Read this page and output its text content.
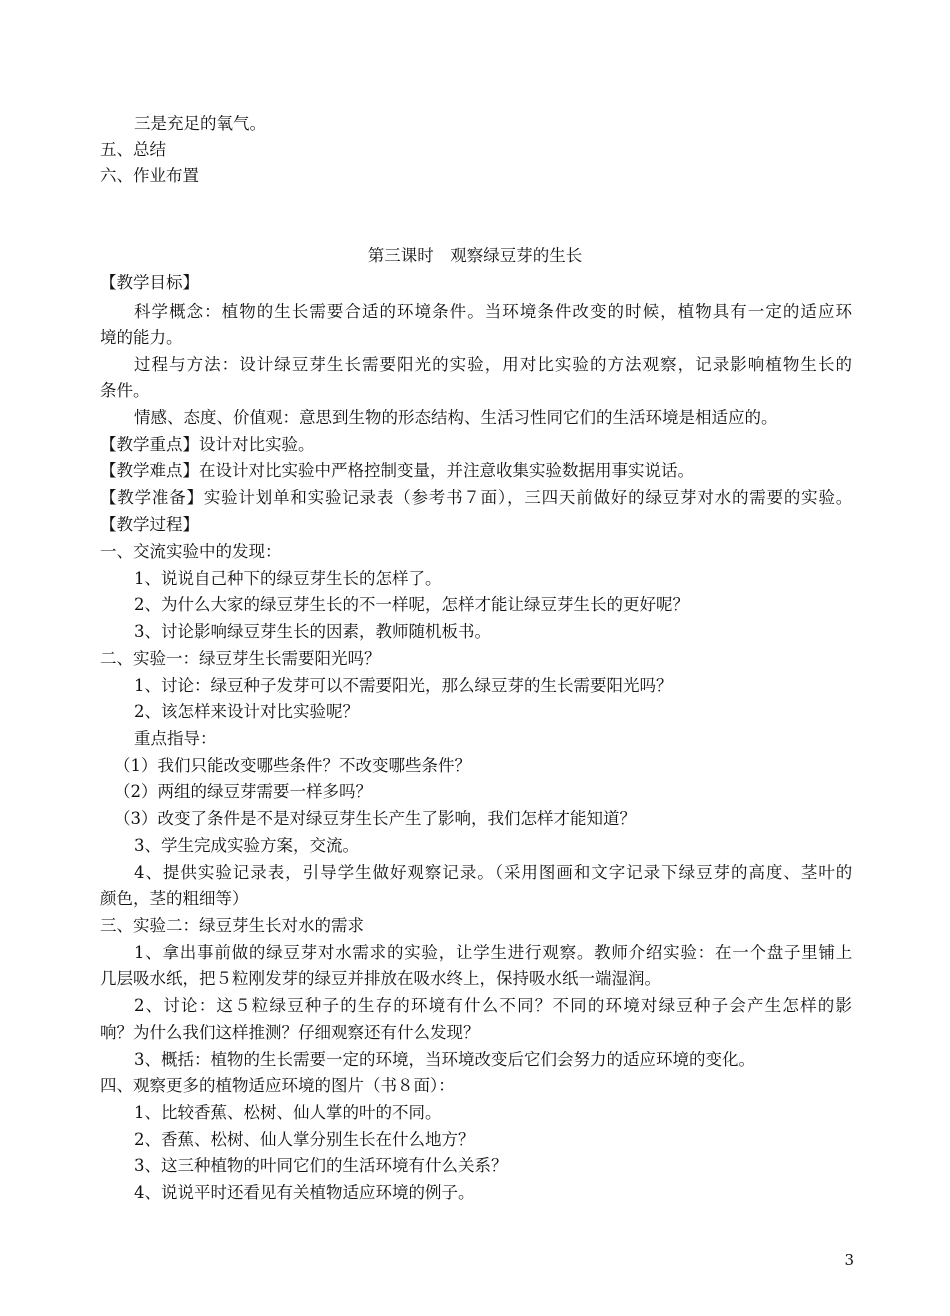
三是充足的氧气。
五、总结
六、作业布置
第三课时　观察绿豆芽的生长
【教学目标】
科学概念：植物的生长需要合适的环境条件。当环境条件改变的时候，植物具有一定的适应环
境的能力。
过程与方法：设计绿豆芽生长需要阳光的实验，用对比实验的方法观察，记录影响植物生长的
条件。
情感、态度、价值观：意思到生物的形态结构、生活习性同它们的生活环境是相适应的。
【教学重点】设计对比实验。
【教学难点】在设计对比实验中严格控制变量，并注意收集实验数据用事实说话。
【教学准备】实验计划单和实验记录表（参考书７面），三四天前做好的绿豆芽对水的需要的实验。
【教学过程】
一、交流实验中的发现：
1、说说自己种下的绿豆芽生长的怎样了。
2、为什么大家的绿豆芽生长的不一样呢，怎样才能让绿豆芽生长的更好呢？
3、讨论影响绿豆芽生长的因素，教师随机板书。
二、实验一：绿豆芽生长需要阳光吗？
1、讨论：绿豆种子发芽可以不需要阳光，那么绿豆芽的生长需要阳光吗？
2、该怎样来设计对比实验呢？
重点指导：
（1）我们只能改变哪些条件？不改变哪些条件？
（2）两组的绿豆芽需要一样多吗？
（3）改变了条件是不是对绿豆芽生长产生了影响，我们怎样才能知道？
3、学生完成实验方案，交流。
4、提供实验记录表，引导学生做好观察记录。（采用图画和文字记录下绿豆芽的高度、茎叶的
颜色，茎的粗细等）
三、实验二：绿豆芽生长对水的需求
1、拿出事前做的绿豆芽对水需求的实验，让学生进行观察。教师介绍实验：在一个盘子里铺上
几层吸水纸，把５粒刚发芽的绿豆并排放在吸水终上，保持吸水纸一端湿润。
2、讨论：这５粒绿豆种子的生存的环境有什么不同？不同的环境对绿豆种子会产生怎样的影
响？为什么我们这样推测？仔细观察还有什么发现？
3、概括：植物的生长需要一定的环境，当环境改变后它们会努力的适应环境的变化。
四、观察更多的植物适应环境的图片（书８面）：
1、比较香蕉、松树、仙人掌的叶的不同。
2、香蕉、松树、仙人掌分别生长在什么地方？
3、这三种植物的叶同它们的生活环境有什么关系？
4、说说平时还看见有关植物适应环境的例子。
3
